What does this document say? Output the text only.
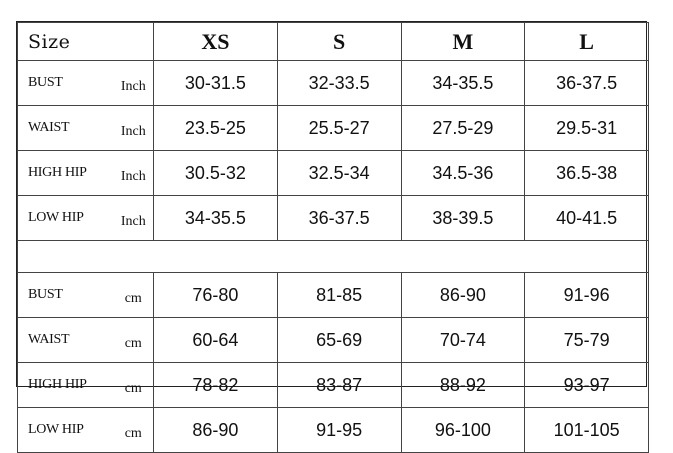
Size		XS	S	M	L
BUST	Inch	30-31.5	32-33.5	34-35.5	36-37.5
WAIST	Inch	23.5-25	25.5-27	27.5-29	29.5-31
HIGH HIP	Inch	30.5-32	32.5-34	34.5-36	36.5-38
LOW HIP	Inch	34-35.5	36-37.5	38-39.5	40-41.5

BUST	cm	76-80	81-85	86-90	91-96
WAIST	cm	60-64	65-69	70-74	75-79
HIGH HIP	cm	78-82	83-87	88-92	93-97
LOW HIP	cm	86-90	91-95	96-100	101-105
